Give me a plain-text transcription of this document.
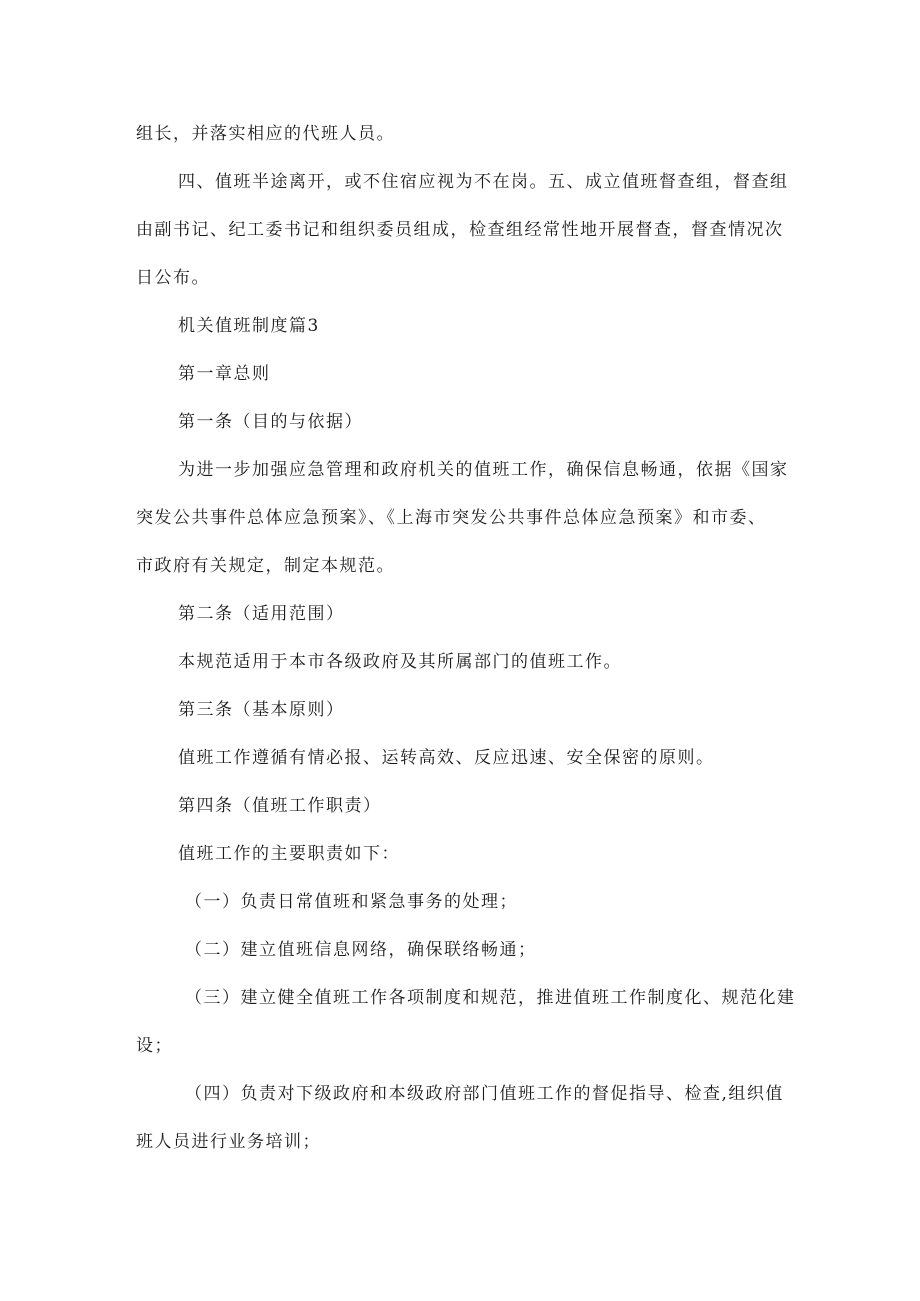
组长，并落实相应的代班人员。
四、值班半途离开，或不住宿应视为不在岗。五、成立值班督查组，督查组
由副书记、纪工委书记和组织委员组成，检查组经常性地开展督查，督查情况次
日公布。
机关值班制度篇3
第一章总则
第一条（目的与依据）
为进一步加强应急管理和政府机关的值班工作，确保信息畅通，依据《国家
突发公共事件总体应急预案》、《上海市突发公共事件总体应急预案》和市委、
市政府有关规定，制定本规范。
第二条（适用范围）
本规范适用于本市各级政府及其所属部门的值班工作。
第三条（基本原则）
值班工作遵循有情必报、运转高效、反应迅速、安全保密的原则。
第四条（值班工作职责）
值班工作的主要职责如下：
（一）负责日常值班和紧急事务的处理；
（二）建立值班信息网络，确保联络畅通；
（三）建立健全值班工作各项制度和规范，推进值班工作制度化、规范化建
设；
（四）负责对下级政府和本级政府部门值班工作的督促指导、检查,组织值
班人员进行业务培训；
